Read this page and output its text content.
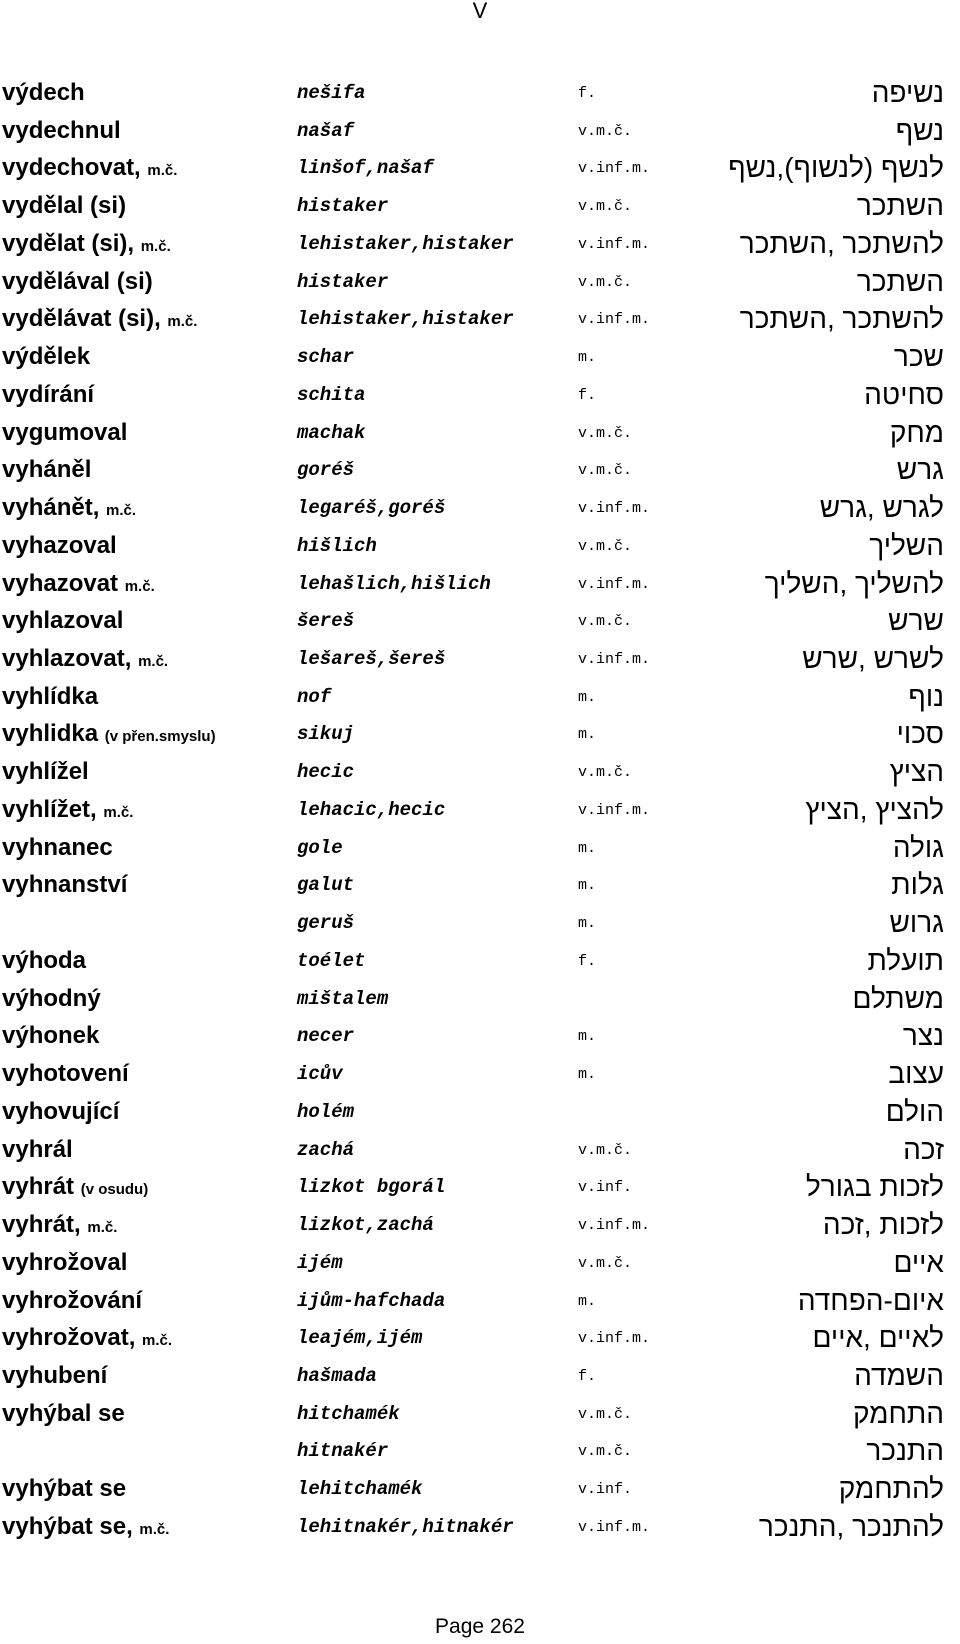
V
výdech	nešifa	f.	נשיפה
vydechnul	našaf	v.m.č.	נשף
vydechovat, m.č.	linšof,našaf	v.inf.m.	לנשף (לנשוף),נשף
vydělal (si)	histaker	v.m.č.	השתכר
vydělat (si), m.č.	lehistaker,histaker	v.inf.m.	להשתכר ,השתכר
vydělával (si)	histaker	v.m.č.	השתכר
vydělávat (si), m.č.	lehistaker,histaker	v.inf.m.	להשתכר ,השתכר
výdělek	schar	m.	שכר
vydírání	schita	f.	סחיטה
vygumoval	machak	v.m.č.	מחק
vyháněl	goréš	v.m.č.	גרש
vyhánět, m.č.	legaréš,goréš	v.inf.m.	לגרש ,גרש
vyhazoval	hišlich	v.m.č.	השליך
vyhazovat m.č.	lehašlich,hišlich	v.inf.m.	להשליך ,השליך
vyhlazoval	šereš	v.m.č.	שרש
vyhlazovat, m.č.	lešareš,šereš	v.inf.m.	לשרש ,שרש
vyhlídka	nof	m.	נוף
vyhlidka (v přen.smyslu)	sikuj	m.	סכוי
vyhlížel	hecic	v.m.č.	הציץ
vyhlížet, m.č.	lehacic,hecic	v.inf.m.	להציץ ,הציץ
vyhnanec	gole	m.	גולה
vyhnanství	galut	m.	גלות
geruš	m.	גרוש
výhoda	toélet	f.	תועלת
výhodný	mištalem	משתלם
výhonek	necer	m.	נצר
vyhotovení	icův	m.	עצוב
vyhovující	holém	הולם
vyhrál	zachá	v.m.č.	זכה
vyhrát (v osudu)	lizkot bgorál	v.inf.	לזכות בגורל
vyhrát, m.č.	lizkot,zachá	v.inf.m.	לזכות ,זכה
vyhrožoval	ijém	v.m.č.	איים
vyhrožování	ijům-hafchada	m.	איום-הפחדה
vyhrožovat, m.č.	leajém,ijém	v.inf.m.	לאיים ,איים
vyhubení	hašmada	f.	השמדה
vyhýbal se	hitchamék	v.m.č.	התחמק
hitnakér	v.m.č.	התנכר
vyhýbat se	lehitchamék	v.inf.	להתחמק
vyhýbat se, m.č.	lehitnakér,hitnakér	v.inf.m.	להתנכר ,התנכר
Page 262
